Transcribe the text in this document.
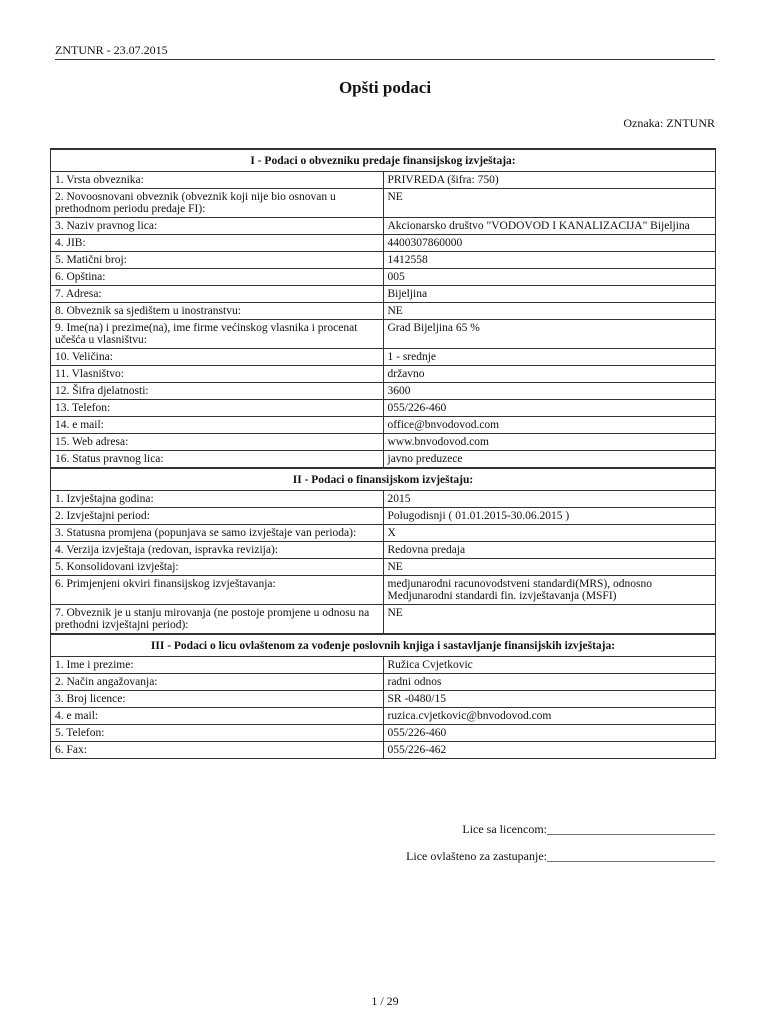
ZNTUNR - 23.07.2015
Opšti podaci
Oznaka: ZNTUNR
I - Podaci o obvezniku predaje finansijskog izvještaja:	
1. Vrsta obveznika:	PRIVREDA (šifra: 750)
2. Novoosnovani obveznik (obveznik koji nije bio osnovan u prethodnom periodu predaje FI):	NE
3. Naziv pravnog lica:	Akcionarsko društvo "VODOVOD I KANALIZACIJA" Bijeljina
4. JIB:	4400307860000
5. Matični broj:	1412558
6. Opština:	005
7. Adresa:	Bijeljina
8. Obveznik sa sjedištem u inostranstvu:	NE
9. Ime(na) i prezime(na), ime firme većinskog vlasnika i procenat učešća u vlasništvu:	Grad Bijeljina 65 %
10. Veličina:	1 - srednje
11. Vlasništvo:	državno
12. Šifra djelatnosti:	3600
13. Telefon:	055/226-460
14. e mail:	office@bnvodovod.com
15. Web adresa:	www.bnvodovod.com
16. Status pravnog lica:	javno preduzece
II - Podaci o finansijskom izvještaju:	
1. Izvještajna godina:	2015
2. Izvještajni period:	Polugodisnji ( 01.01.2015-30.06.2015 )
3. Statusna promjena (popunjava se samo izvještaje van perioda):	X
4. Verzija izvještaja (redovan, ispravka revizija):	Redovna predaja
5. Konsolidovani izvještaj:	NE
6. Primjenjeni okviri finansijskog izvještavanja:	medjunarodni racunovodstveni standardi(MRS), odnosno Medjunarodni standardi fin. izvještavanja (MSFI)
7. Obveznik je u stanju mirovanja (ne postoje promjene u odnosu na prethodni izvještajni period):	NE
III - Podaci o licu ovlaštenom za vođenje poslovnih knjiga i sastavljanje finansijskih izvještaja:	
1. Ime i prezime:	Ružica Cvjetkovic
2. Način angažovanja:	radni odnos
3. Broj licence:	SR -0480/15
4. e mail:	ruzica.cvjetkovic@bnvodovod.com
5. Telefon:	055/226-460
6. Fax:	055/226-462
Lice sa licencom:____________________________
Lice ovlašteno za zastupanje:____________________________
1 / 29
